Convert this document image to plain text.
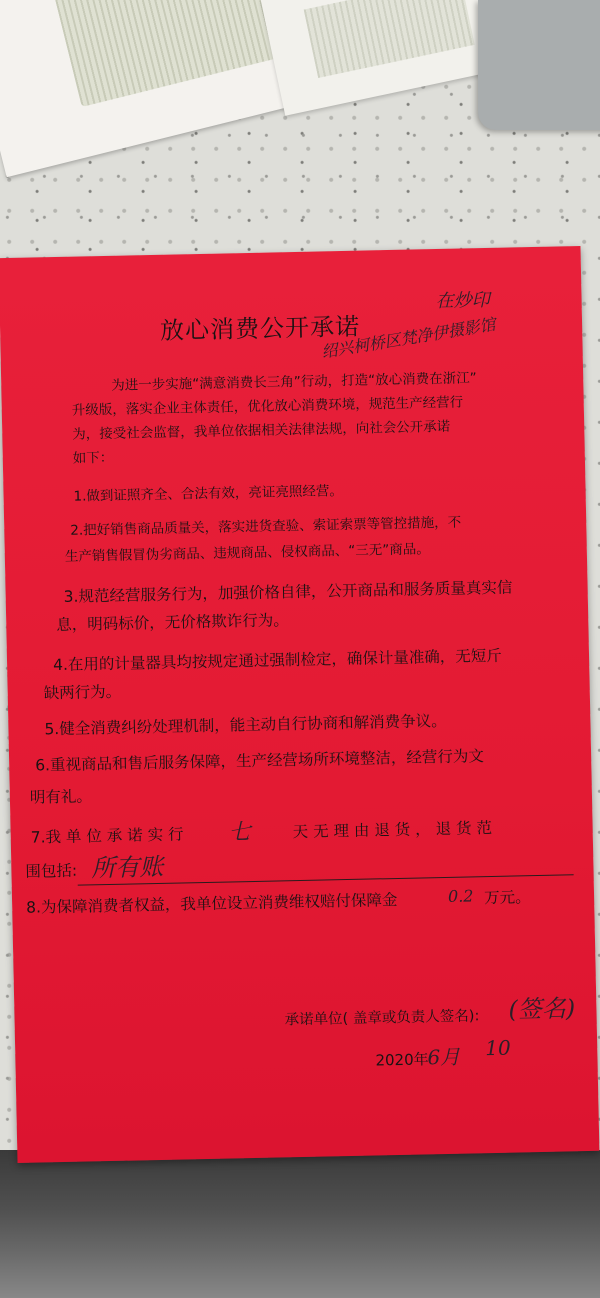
放心消费公开承诺
在炒印
绍兴柯桥区梵净伊摄影馆
为进一步实施“满意消费长三角”行动，打造“放心消费在浙江”
升级版，落实企业主体责任，优化放心消费环境，规范生产经营行
为，接受社会监督，我单位依据相关法律法规，向社会公开承诺
如下：
1.做到证照齐全、合法有效，亮证亮照经营。
2.把好销售商品质量关，落实进货查验、索证索票等管控措施，不
生产销售假冒伪劣商品、违规商品、侵权商品、“三无”商品。
3.规范经营服务行为，加强价格自律，公开商品和服务质量真实信
息，明码标价，无价格欺诈行为。
4.在用的计量器具均按规定通过强制检定，确保计量准确，无短斤
缺两行为。
5.健全消费纠纷处理机制，能主动自行协商和解消费争议。
6.重视商品和售后服务保障，生产经营场所环境整洁，经营行为文
明有礼。
7.我 单 位 承 诺 实 行 七	天 无 理 由 退 货 ， 退 货 范
围包括: 所有账
8.为保障消费者权益，我单位设立消费维权赔付保障金	0.2 万元。
承诺单位( 盖章或负责人签名): (签名)
2020年
6月 10
